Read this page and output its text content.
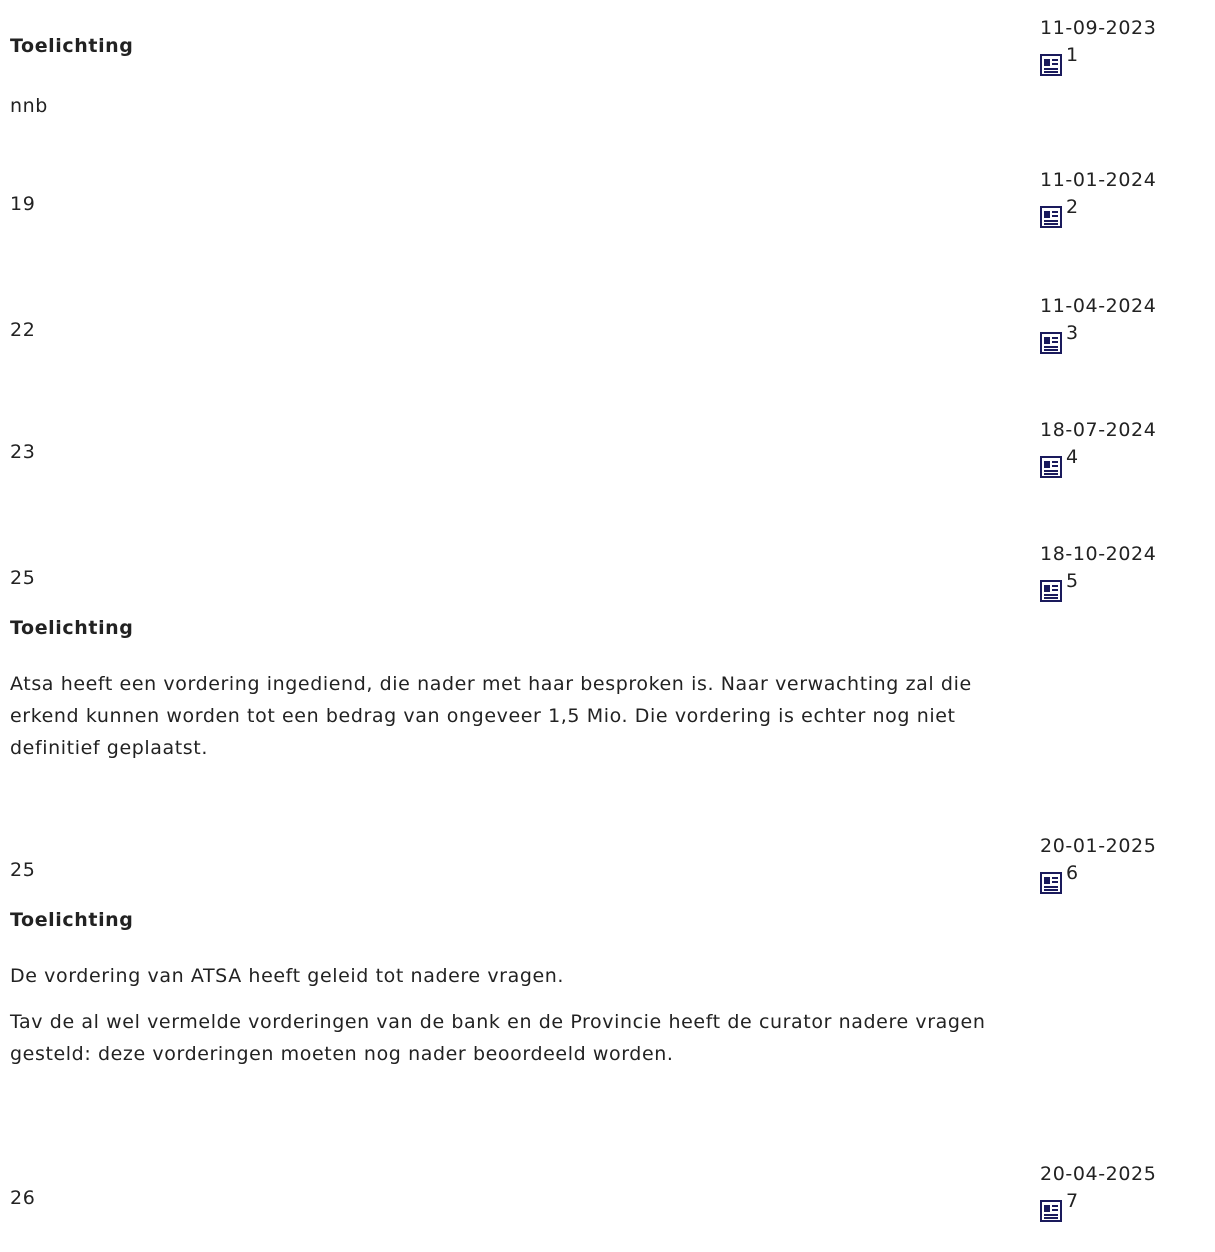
11-09-2023
1
Toelichting

nnb

11-01-2024
2
19
11-04-2024
3
22
18-07-2024
4
23
18-10-2024
5
25
Toelichting

Atsa heeft een vordering ingediend, die nader met haar besproken is. Naar verwachting zal die erkend kunnen worden tot een bedrag van ongeveer 1,5 Mio. Die vordering is echter nog niet definitief geplaatst.

20-01-2025
6
25
Toelichting

De vordering van ATSA heeft geleid tot nadere vragen.

Tav de al wel vermelde vorderingen van de bank en de Provincie heeft de curator nadere vragen gesteld: deze vorderingen moeten nog nader beoordeeld worden.

20-04-2025
7
26
